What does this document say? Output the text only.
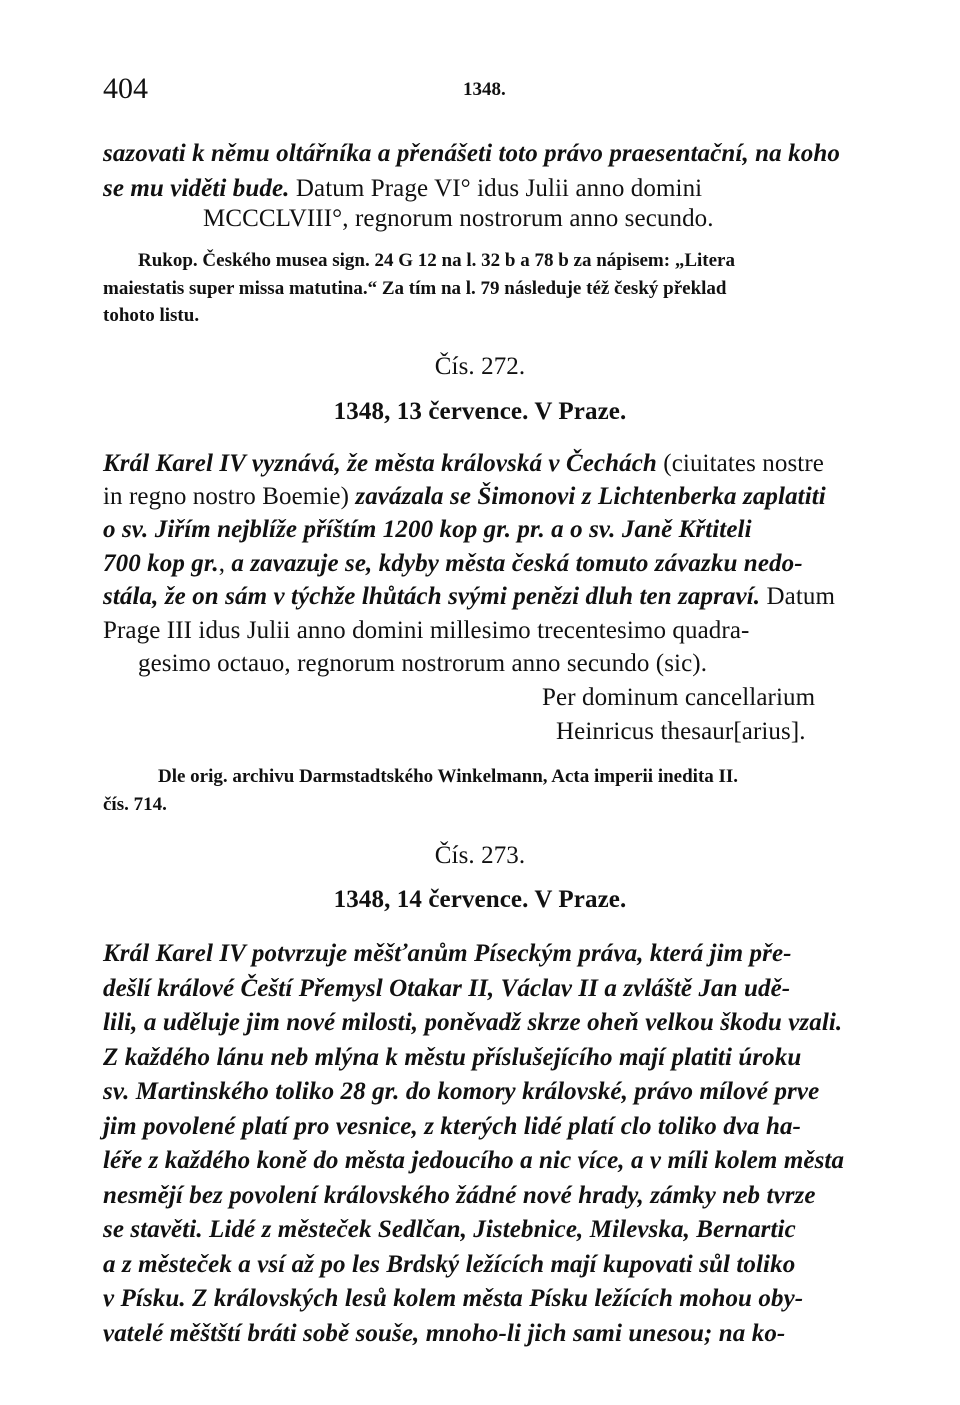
404	1348.
sazovati k němu oltářníka a přenášeti toto právo praesentační, na koho
se mu viděti bude. Datum Prage VI° idus Julii anno domini
MCCCLVIII°, regnorum nostrorum anno secundo.
Rukop. Českého musea sign. 24 G 12 na l. 32 b a 78 b za nápisem: „Litera
maiestatis super missa matutina.“ Za tím na l. 79 následuje též český překlad
tohoto listu.
Čís. 272.
1348, 13 července. V Praze.
Král Karel IV vyznává, že města královská v Čechách (ciuitates nostre
in regno nostro Boemie) zavázala se Šimonovi z Lichtenberka zaplatiti
o sv. Jiřím nejblíže příštím 1200 kop gr. pr. a o sv. Janě Křtiteli
700 kop gr., a zavazuje se, kdyby města česká tomuto závazku nedo-
stála, že on sám v týchže lhůtách svými penězi dluh ten zapraví. Datum
Prage III idus Julii anno domini millesimo trecentesimo quadra-
gesimo octauo, regnorum nostrorum anno secundo (sic).
Per dominum cancellarium
Heinricus thesaur[arius].
Dle orig. archivu Darmstadtského Winkelmann, Acta imperii inedita II.
čís. 714.
Čís. 273.
1348, 14 července. V Praze.
Král Karel IV potvrzuje měšťanům Píseckým práva, která jim pře-
dešlí králové Čeští Přemysl Otakar II, Václav II a zvláště Jan udě-
lili, a uděluje jim nové milosti, poněvadž skrze oheň velkou škodu vzali.
Z každého lánu neb mlýna k městu příslušejícího mají platiti úroku
sv. Martinského toliko 28 gr. do komory královské, právo mílové prve
jim povolené platí pro vesnice, z kterých lidé platí clo toliko dva ha-
léře z každého koně do města jedoucího a nic více, a v míli kolem města
nesmějí bez povolení královského žádné nové hrady, zámky neb tvrze
se stavěti. Lidé z městeček Sedlčan, Jistebnice, Milevska, Bernartic
a z městeček a vsí až po les Brdský ležících mají kupovati sůl toliko
v Písku. Z královských lesů kolem města Písku ležících mohou oby-
vatelé měštští bráti sobě souše, mnoho-li jich sami unesou; na ko-
